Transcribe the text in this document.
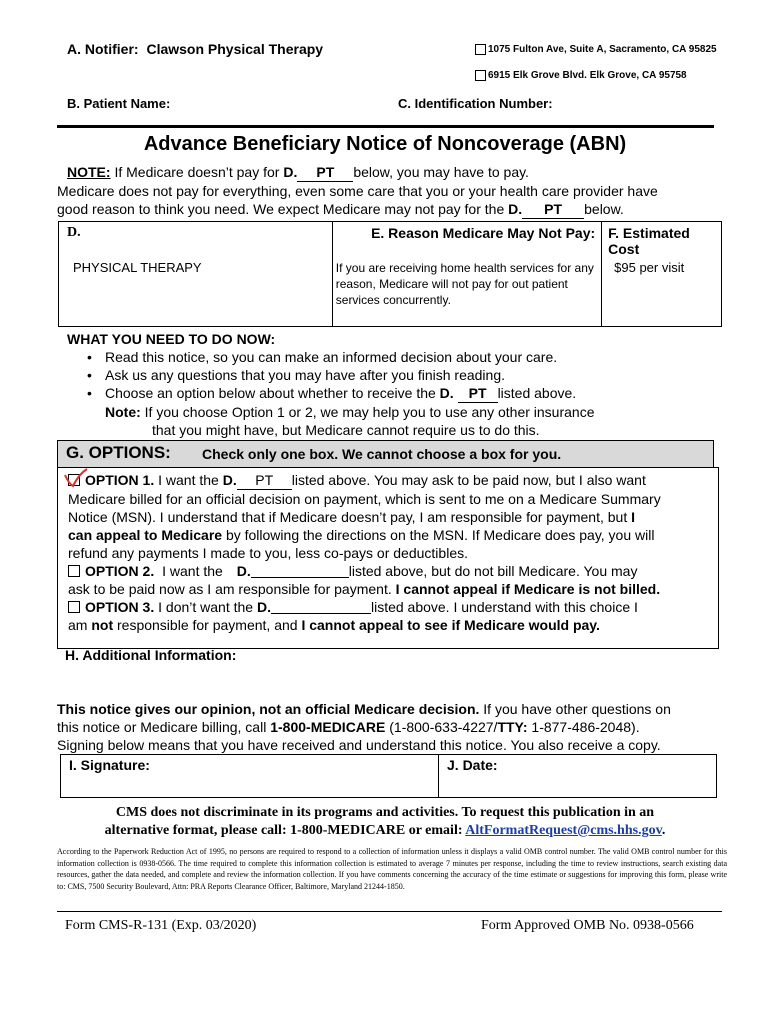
A. Notifier: Clawson Physical Therapy	1075 Fulton Ave, Suite A, Sacramento, CA 95825
6915 Elk Grove Blvd. Elk Grove, CA 95758
B. Patient Name:	C. Identification Number:
Advance Beneficiary Notice of Noncoverage (ABN)
NOTE: If Medicare doesn’t pay for D. PT below, you may have to pay.
Medicare does not pay for everything, even some care that you or your health care provider have
good reason to think you need. We expect Medicare may not pay for the D. PT below.
D.	E. Reason Medicare May Not Pay:	F. Estimated Cost
PHYSICAL THERAPY	If you are receiving home health services for any reason, Medicare will not pay for out patient services concurrently.	$95 per visit
WHAT YOU NEED TO DO NOW:
• Read this notice, so you can make an informed decision about your care.
• Ask us any questions that you may have after you finish reading.
• Choose an option below about whether to receive the D. PT listed above.
Note: If you choose Option 1 or 2, we may help you to use any other insurance
that you might have, but Medicare cannot require us to do this.
G. OPTIONS: Check only one box. We cannot choose a box for you.
OPTION 1. I want the D. PT listed above. You may ask to be paid now, but I also want
Medicare billed for an official decision on payment, which is sent to me on a Medicare Summary
Notice (MSN). I understand that if Medicare doesn’t pay, I am responsible for payment, but I
can appeal to Medicare by following the directions on the MSN. If Medicare does pay, you will
refund any payments I made to you, less co-pays or deductibles.
OPTION 2. I want the D.	listed above, but do not bill Medicare. You may
ask to be paid now as I am responsible for payment. I cannot appeal if Medicare is not billed.
OPTION 3. I don’t want the D.	listed above. I understand with this choice I
am not responsible for payment, and I cannot appeal to see if Medicare would pay.
H. Additional Information:
This notice gives our opinion, not an official Medicare decision. If you have other questions on
this notice or Medicare billing, call 1-800-MEDICARE (1-800-633-4227/TTY: 1-877-486-2048).
Signing below means that you have received and understand this notice. You also receive a copy.
I. Signature:	J. Date:
CMS does not discriminate in its programs and activities. To request this publication in an
alternative format, please call: 1-800-MEDICARE or email: AltFormatRequest@cms.hhs.gov.
According to the Paperwork Reduction Act of 1995, no persons are required to respond to a collection of information unless it displays a valid OMB control number. The valid OMB control number for this information collection is 0938-0566. The time required to complete this information collection is estimated to average 7 minutes per response, including the time to review instructions, search existing data resources, gather the data needed, and complete and review the information collection. If you have comments concerning the accuracy of the time estimate or suggestions for improving this form, please write to: CMS, 7500 Security Boulevard, Attn: PRA Reports Clearance Officer, Baltimore, Maryland 21244-1850.
Form CMS-R-131 (Exp. 03/2020)	Form Approved OMB No. 0938-0566
